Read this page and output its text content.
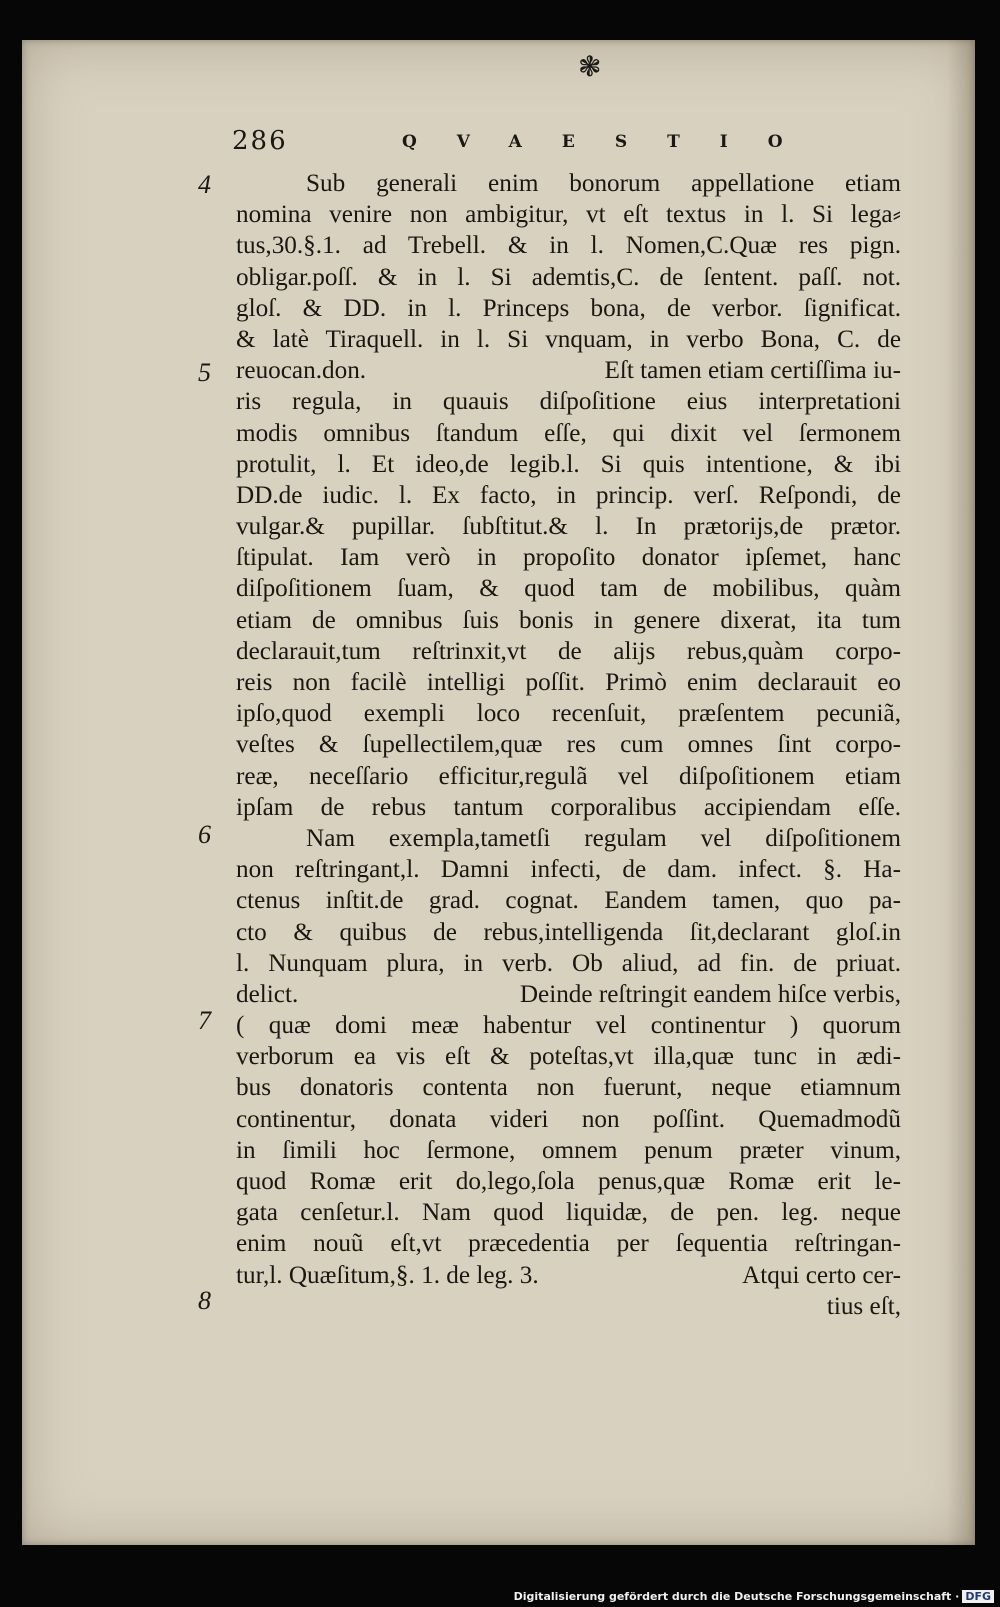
❃
286	QVAESTIO
4
5
6
7
8
Sub generali enim bonorum appellatione etiam
nomina venire non ambigitur, vt eſt textus in l. Si lega⸗
tus,30.§.1. ad Trebell. & in l. Nomen,C.Quæ res pign.
obligar.poſſ. & in l. Si ademtis,C. de ſentent. paſſ. not.
gloſ. & DD. in l. Princeps bona, de verbor. ſignificat.
& latè Tiraquell. in l. Si vnquam, in verbo Bona, C. de
reuocan.don.	Eſt tamen etiam certiſſima iu-
ris regula, in quauis diſpoſitione eius interpretationi
modis omnibus ſtandum eſſe, qui dixit vel ſermonem
protulit, l. Et ideo,de legib.l. Si quis intentione, & ibi
DD.de iudic. l. Ex facto, in princip. verſ. Reſpondi, de
vulgar.& pupillar. ſubſtitut.& l. In prætorijs,de prætor.
ſtipulat. Iam verò in propoſito donator ipſemet, hanc
diſpoſitionem ſuam, & quod tam de mobilibus, quàm
etiam de omnibus ſuis bonis in genere dixerat, ita tum
declarauit,tum reſtrinxit,vt de alijs rebus,quàm corpo-
reis non facilè intelligi poſſit. Primò enim declarauit eo
ipſo,quod exempli loco recenſuit, præſentem pecuniã,
veſtes & ſupellectilem,quæ res cum omnes ſint corpo-
reæ, neceſſario efficitur,regulã vel diſpoſitionem etiam
ipſam de rebus tantum corporalibus accipiendam eſſe.
Nam exempla,tametſi regulam vel diſpoſitionem
non reſtringant,l. Damni infecti, de dam. infect. §. Ha-
ctenus inſtit.de grad. cognat. Eandem tamen, quo pa-
cto & quibus de rebus,intelligenda ſit,declarant gloſ.in
l. Nunquam plura, in verb. Ob aliud, ad fin. de priuat.
delict.	Deinde reſtringit eandem hiſce verbis,
( quæ domi meæ habentur vel continentur ) quorum
verborum ea vis eſt & poteſtas,vt illa,quæ tunc in ædi-
bus donatoris contenta non fuerunt, neque etiamnum
continentur, donata videri non poſſint. Quemadmodũ
in ſimili hoc ſermone, omnem penum præter vinum,
quod Romæ erit do,lego,ſola penus,quæ Romæ erit le-
gata cenſetur.l. Nam quod liquidæ, de pen. leg. neque
enim nouũ eſt,vt præcedentia per ſequentia reſtringan-
tur,l. Quæſitum,§. 1. de leg. 3.	Atqui certo cer-
tius eſt,
Digitalisierung gefördert durch die Deutsche Forschungsgemeinschaft · DFG
